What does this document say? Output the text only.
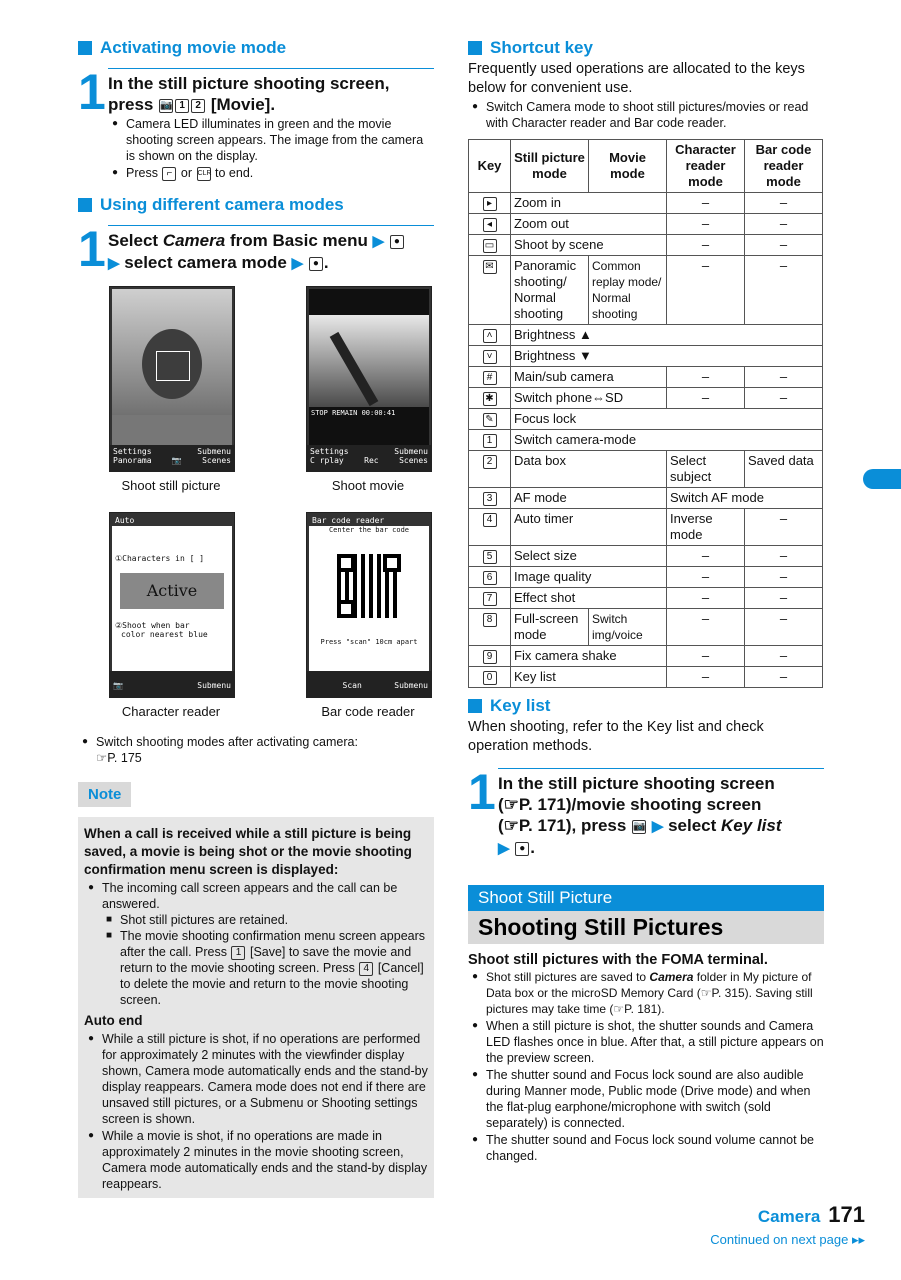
Activating movie mode
1 In the still picture shooting screen,
press 📷 1 2 [Movie].
● Camera LED illuminates in green and the movie shooting screen appears. The image from the camera is shown on the display.
● Press ⌐ or CLR to end.
Using different camera modes
1 Select Camera from Basic menu ▶ ●
▶ select camera mode ▶ ● .
Settings	Submenu
Panorama	📷	Scenes
Shoot still picture
STOP REMAIN 00:00:41
Settings	Submenu
C rplay	Rec	Scenes
Shoot movie
Auto
①Characters in [ ]
Active
②Shoot when bar
color nearest blue
📷	Submenu
Character reader
Bar code reader
Center the bar code
Press "scan" 10cm apart
Scan	Submenu
Bar code reader
● Switch shooting modes after activating camera:
☞P. 175
Note
When a call is received while a still picture is being saved, a movie is being shot or the movie shooting confirmation menu screen is displayed:
● The incoming call screen appears and the call can be answered.
■ Shot still pictures are retained.
■ The movie shooting confirmation menu screen appears after the call. Press 1 [Save] to save the movie and return to the movie shooting screen. Press 4 [Cancel] to delete the movie and return to the movie shooting screen.
Auto end
● While a still picture is shot, if no operations are performed for approximately 2 minutes with the viewfinder display shown, Camera mode automatically ends and the stand-by display reappears. Camera mode does not end if there are unsaved still pictures, or a Submenu or Shooting settings screen is shown.
● While a movie is shot, if no operations are made in approximately 2 minutes in the movie shooting screen, Camera mode automatically ends and the stand-by display reappears.
Shortcut key

Frequently used operations are allocated to the keys below for convenient use.

● Switch Camera mode to shoot still pictures/movies or read with Character reader and Bar code reader.
Key	Still picture mode	Movie mode	Character reader mode	Bar code reader mode
▸	Zoom in		–	–
◂	Zoom out		–	–
▭	Shoot by scene		–	–
✉	Panoramic shooting/ Normal shooting	Common replay mode/ Normal shooting	–	–
˄	Brightness ▲			
˅	Brightness ▼			
#	Main/sub camera		–	–
✱	Switch phone⇔SD		–	–
✎	Focus lock			
1	Switch camera-mode			
2	Data box		Select subject	Saved data
3	AF mode		Switch AF mode	
4	Auto timer		Inverse mode	–
5	Select size		–	–
6	Image quality		–	–
7	Effect shot		–	–
8	Full-screen mode	Switch img/voice	–	–
9	Fix camera shake		–	–
0	Key list		–	–
Key list

When shooting, refer to the Key list and check operation methods.

1 In the still picture shooting screen
(☞P. 171)/movie shooting screen
(☞P. 171), press 📷 ▶ select Key list
▶ ● .
Shoot Still Picture
Shooting Still Pictures
Shoot still pictures with the FOMA terminal.
● Shot still pictures are saved to Camera folder in My picture of Data box or the microSD Memory Card (☞P. 315). Saving still pictures may take time (☞P. 181).
● When a still picture is shot, the shutter sounds and Camera LED flashes once in blue. After that, a still picture appears on the preview screen.
● The shutter sound and Focus lock sound are also audible during Manner mode, Public mode (Drive mode) and when the flat-plug earphone/microphone with switch (sold separately) is connected.
● The shutter sound and Focus lock sound volume cannot be changed.
Camera 171
Continued on next page ▸▸
